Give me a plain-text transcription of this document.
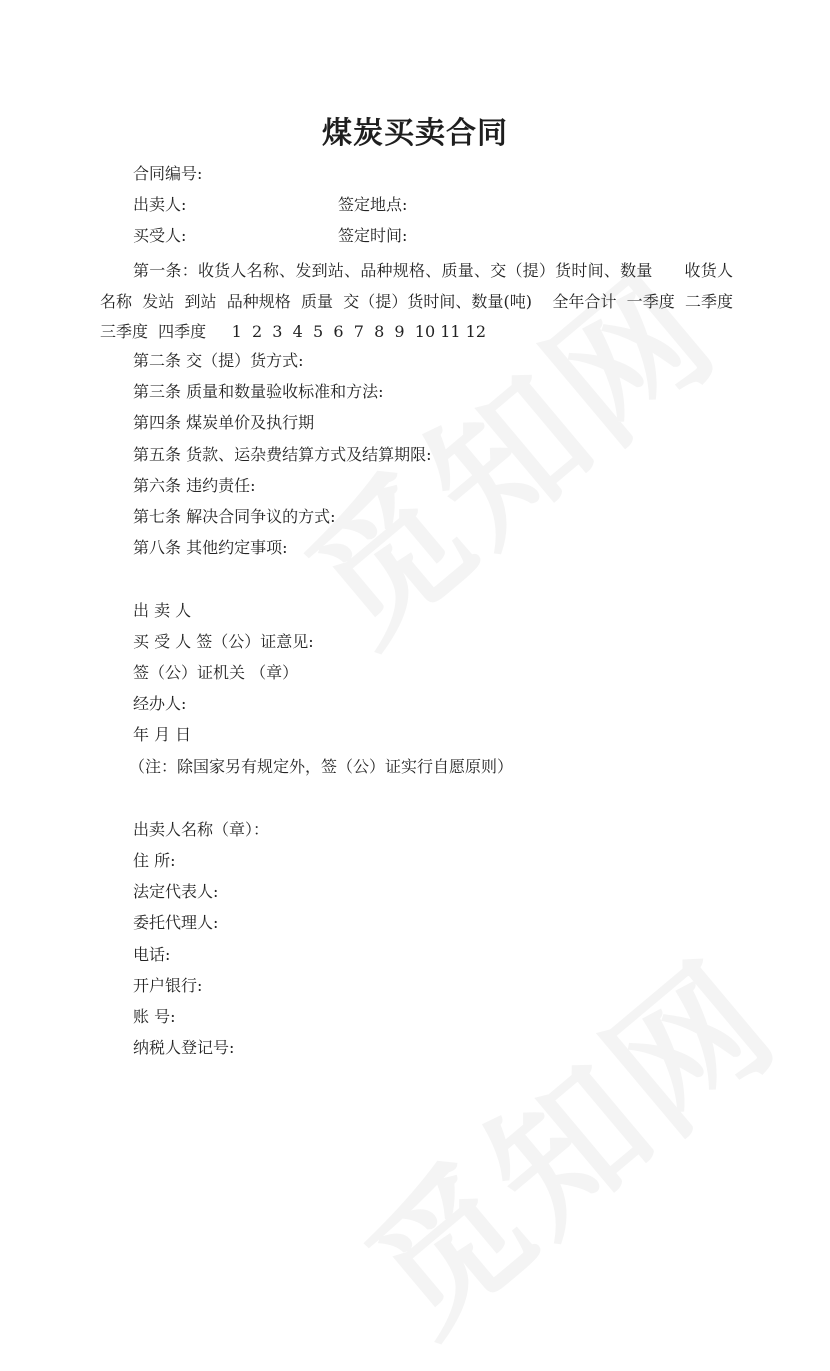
煤炭买卖合同
合同编号:
出卖人:	签定地点:
买受人:	签定时间:
第一条：收货人名称、发到站、品种规格、质量、交（提）货时间、数量      收货人名称  发站  到站  品种规格  质量  交（提）货时间、数量(吨)    全年合计  一季度  二季度  三季度  四季度     1  2  3  4  5  6  7  8  9  10 11 12
第二条 交（提）货方式:
第三条 质量和数量验收标准和方法:
第四条 煤炭单价及执行期
第五条 货款、运杂费结算方式及结算期限:
第六条 违约责任:
第七条 解决合同争议的方式:
第八条 其他约定事项:
出 卖 人
买 受 人 签（公）证意见:
签（公）证机关 （章）
经办人:
年 月 日
（注：除国家另有规定外，签（公）证实行自愿原则）
出卖人名称（章）：
住 所:
法定代表人:
委托代理人:
电话:
开户银行:
账 号:
纳税人登记号:
